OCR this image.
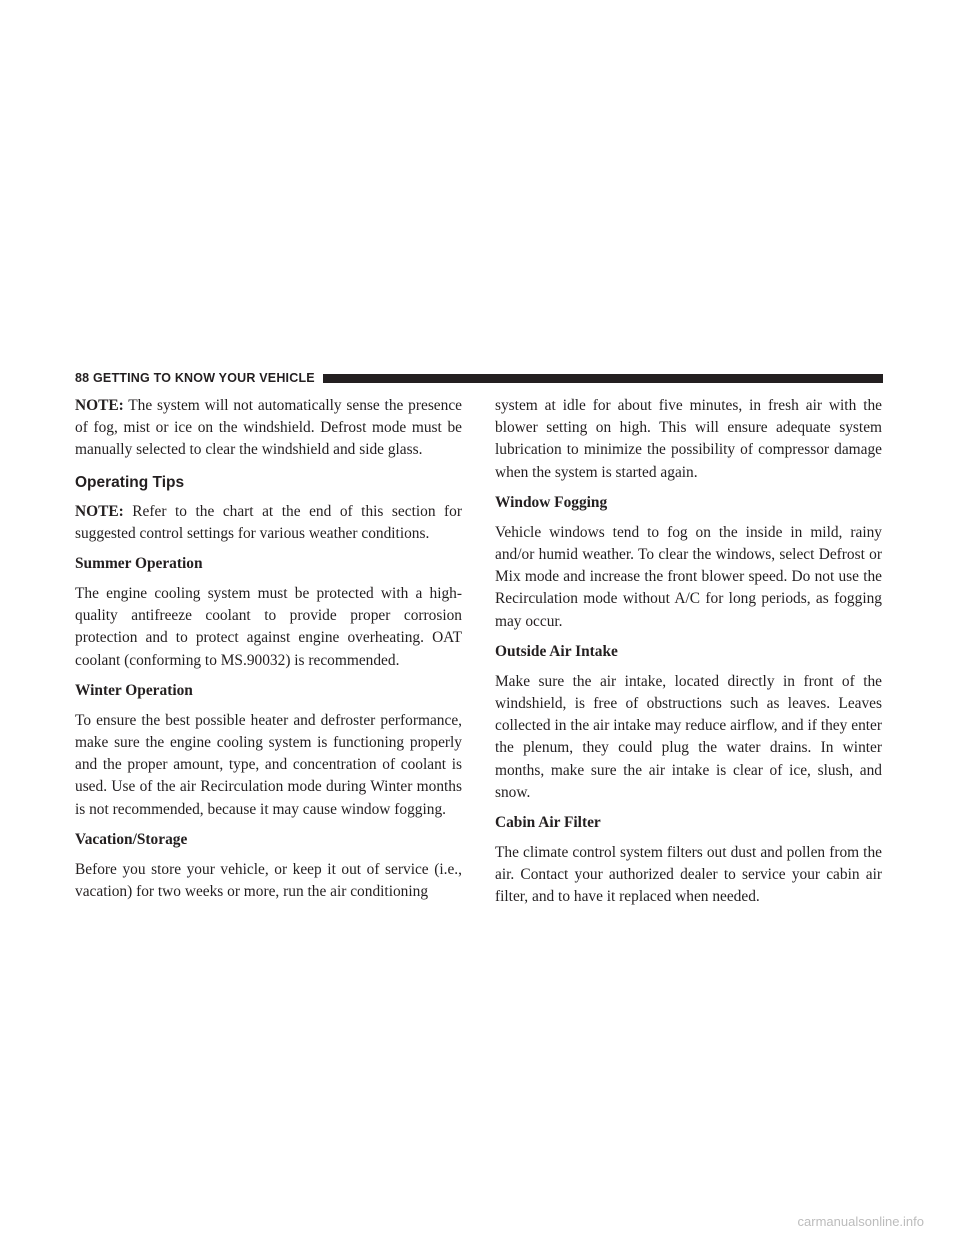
88 GETTING TO KNOW YOUR VEHICLE

NOTE: The system will not automatically sense the presence of fog, mist or ice on the windshield. Defrost mode must be manually selected to clear the windshield and side glass.

Operating Tips

NOTE: Refer to the chart at the end of this section for suggested control settings for various weather conditions.

Summer Operation

The engine cooling system must be protected with a high-quality antifreeze coolant to provide proper corrosion protection and to protect against engine overheating. OAT coolant (conforming to MS.90032) is recommended.

Winter Operation

To ensure the best possible heater and defroster performance, make sure the engine cooling system is functioning properly and the proper amount, type, and concentration of coolant is used. Use of the air Recirculation mode during Winter months is not recommended, because it may cause window fogging.

Vacation/Storage

Before you store your vehicle, or keep it out of service (i.e., vacation) for two weeks or more, run the air conditioning

system at idle for about five minutes, in fresh air with the blower setting on high. This will ensure adequate system lubrication to minimize the possibility of compressor damage when the system is started again.

Window Fogging

Vehicle windows tend to fog on the inside in mild, rainy and/or humid weather. To clear the windows, select Defrost or Mix mode and increase the front blower speed. Do not use the Recirculation mode without A/C for long periods, as fogging may occur.

Outside Air Intake

Make sure the air intake, located directly in front of the windshield, is free of obstructions such as leaves. Leaves collected in the air intake may reduce airflow, and if they enter the plenum, they could plug the water drains. In winter months, make sure the air intake is clear of ice, slush, and snow.

Cabin Air Filter

The climate control system filters out dust and pollen from the air. Contact your authorized dealer to service your cabin air filter, and to have it replaced when needed.

carmanualsonline.info
